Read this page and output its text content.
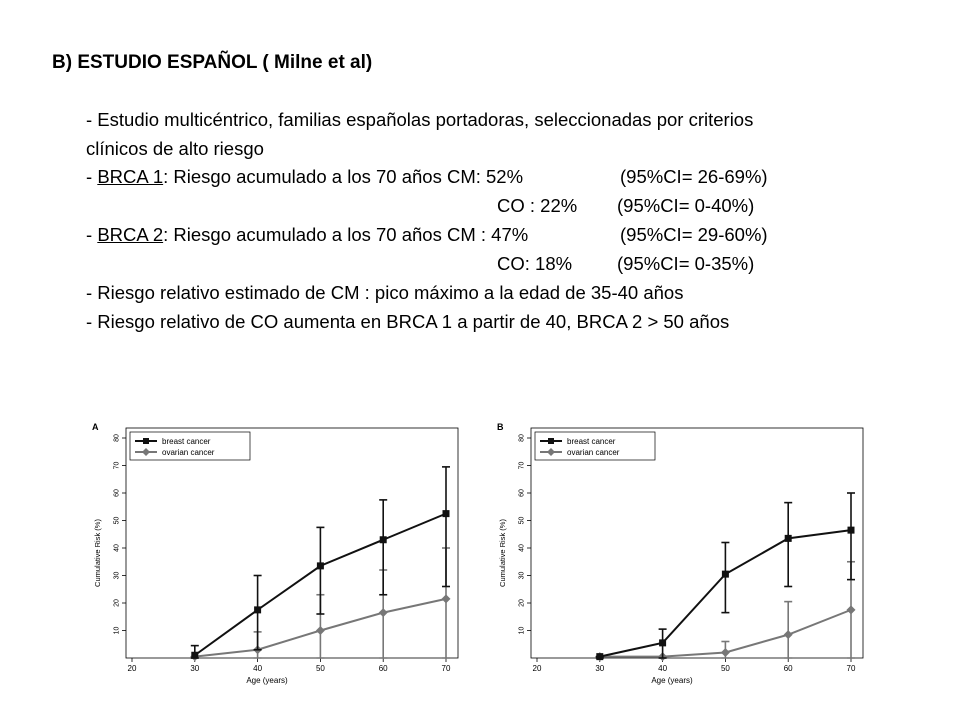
B) ESTUDIO ESPAÑOL ( Milne et al)
- Estudio multicéntrico, familias españolas portadoras, seleccionadas por criterios
clínicos de alto riesgo
- BRCA 1: Riesgo acumulado a los 70 años CM: 52%	(95%CI= 26-69%)
CO : 22% (95%CI= 0-40%)
- BRCA 2: Riesgo acumulado a los 70 años CM : 47%	(95%CI= 29-60%)
CO: 18% (95%CI= 0-35%)
- Riesgo relativo estimado de CM : pico máximo a la edad de 35-40 años
- Riesgo relativo de CO aumenta en BRCA 1 a partir de 40, BRCA 2 > 50 años
A
10
20
30
40
50
60
70
80
20	30	40	50	60	70
Age (years)
Cumulative Risk (%)
breast cancer
ovarian cancer
B
10
20
30
40
50
60
70
80
20	30	40	50	60	70
Age (years)
Cumulative Risk (%)
breast cancer
ovarian cancer
